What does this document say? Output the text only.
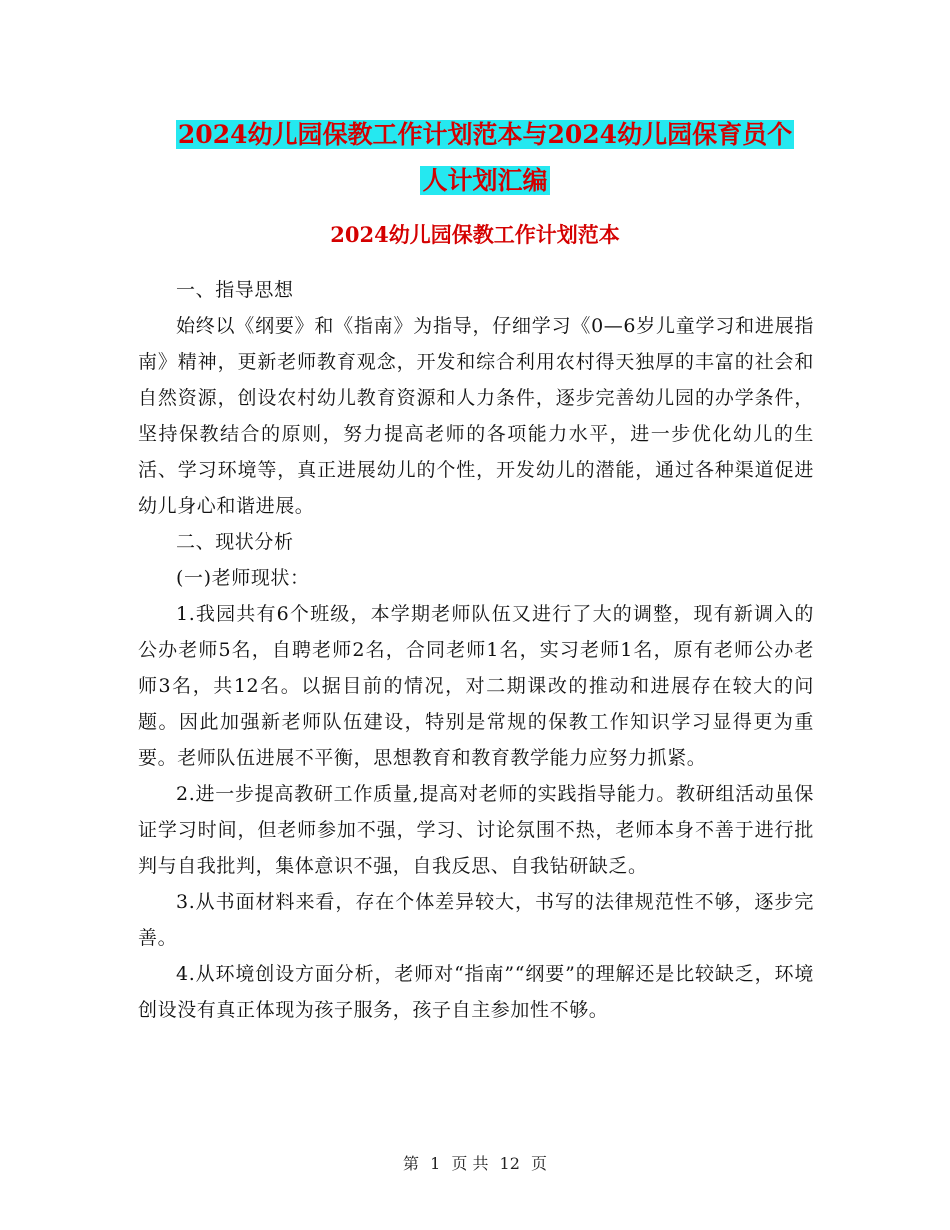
2024幼儿园保教工作计划范本与2024幼儿园保育员个
人计划汇编
2024幼儿园保教工作计划范本

一、指导思想

始终以《纲要》和《指南》为指导，仔细学习《0—6岁儿童学习和进展指南》精神，更新老师教育观念，开发和综合利用农村得天独厚的丰富的社会和自然资源，创设农村幼儿教育资源和人力条件，逐步完善幼儿园的办学条件，坚持保教结合的原则，努力提高老师的各项能力水平，进一步优化幼儿的生活、学习环境等，真正进展幼儿的个性，开发幼儿的潜能，通过各种渠道促进幼儿身心和谐进展。

二、现状分析

(一)老师现状：

1.我园共有6个班级，本学期老师队伍又进行了大的调整，现有新调入的公办老师5名，自聘老师2名，合同老师1名，实习老师1名，原有老师公办老师3名，共12名。以据目前的情况，对二期课改的推动和进展存在较大的问题。因此加强新老师队伍建设，特别是常规的保教工作知识学习显得更为重要。老师队伍进展不平衡，思想教育和教育教学能力应努力抓紧。

2.进一步提高教研工作质量,提高对老师的实践指导能力。教研组活动虽保证学习时间，但老师参加不强，学习、讨论氛围不热，老师本身不善于进行批判与自我批判，集体意识不强，自我反思、自我钻研缺乏。

3.从书面材料来看，存在个体差异较大，书写的法律规范性不够，逐步完善。

4.从环境创设方面分析，老师对“指南”“纲要”的理解还是比较缺乏，环境创设没有真正体现为孩子服务，孩子自主参加性不够。

第 1 页 共 12 页
